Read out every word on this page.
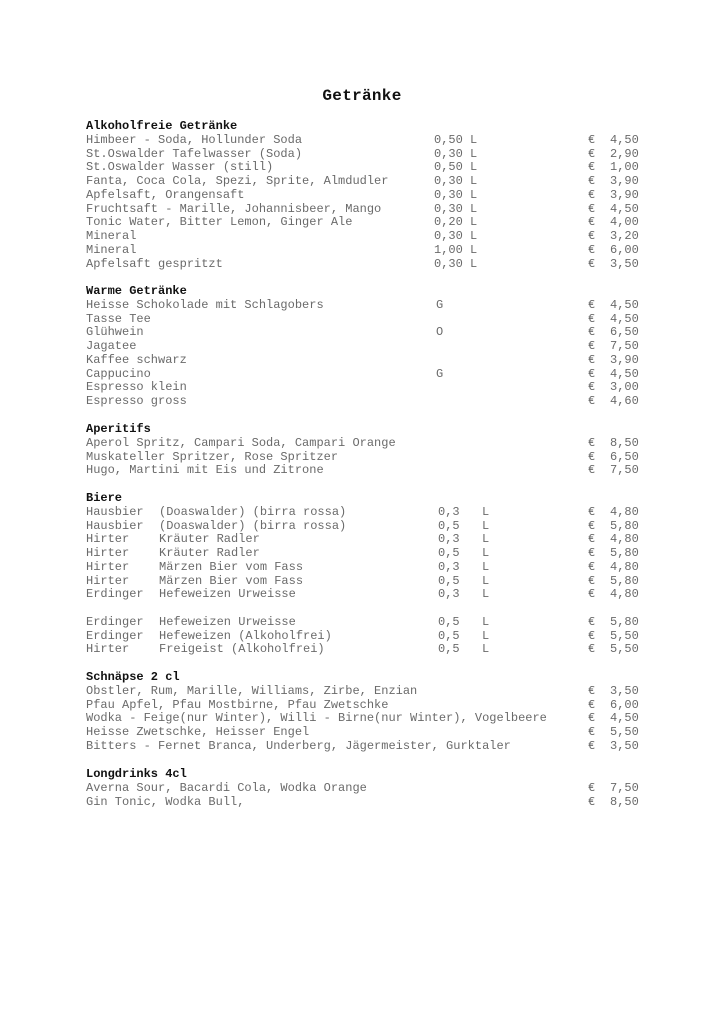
Getränke
Alkoholfreie Getränke
Himbeer - Soda, Hollunder Soda	0,50 L	€ 4,50
St.Oswalder Tafelwasser (Soda)	0,30 L	€ 2,90
St.Oswalder Wasser (still)	0,50 L	€ 1,00
Fanta, Coca Cola, Spezi, Sprite, Almdudler	0,30 L	€ 3,90
Apfelsaft, Orangensaft	0,30 L	€ 3,90
Fruchtsaft - Marille, Johannisbeer, Mango	0,30 L	€ 4,50
Tonic Water, Bitter Lemon, Ginger Ale	0,20 L	€ 4,00
Mineral	0,30 L	€ 3,20
Mineral	1,00 L	€ 6,00
Apfelsaft gespritzt	0,30 L	€ 3,50
Warme Getränke
Heisse Schokolade mit Schlagobers	G	€ 4,50
Tasse Tee	€ 4,50
Glühwein	O	€ 6,50
Jagatee	€ 7,50
Kaffee schwarz	€ 3,90
Cappucino	G	€ 4,50
Espresso klein	€ 3,00
Espresso gross	€ 4,60
Aperitifs
Aperol Spritz, Campari Soda, Campari Orange	€ 8,50
Muskateller Spritzer, Rose Spritzer	€ 6,50
Hugo, Martini mit Eis und Zitrone	€ 7,50
Biere
Hausbier (Doaswalder) (birra rossa)	0,3 L	€ 4,80
Hausbier (Doaswalder) (birra rossa)	0,5 L	€ 5,80
Hirter Kräuter Radler	0,3 L	€ 4,80
Hirter Kräuter Radler	0,5 L	€ 5,80
Hirter Märzen Bier vom Fass	0,3 L	€ 4,80
Hirter Märzen Bier vom Fass	0,5 L	€ 5,80
Erdinger Hefeweizen Urweisse	0,3 L	€ 4,80
Erdinger Hefeweizen Urweisse	0,5 L	€ 5,80
Erdinger Hefeweizen (Alkoholfrei)	0,5 L	€ 5,50
Hirter Freigeist (Alkoholfrei)	0,5 L	€ 5,50
Schnäpse 2 cl
Obstler, Rum, Marille, Williams, Zirbe, Enzian	€ 3,50
Pfau Apfel, Pfau Mostbirne, Pfau Zwetschke	€ 6,00
Wodka - Feige(nur Winter), Willi - Birne(nur Winter), Vogelbeere	€ 4,50
Heisse Zwetschke, Heisser Engel	€ 5,50
Bitters - Fernet Branca, Underberg, Jägermeister, Gurktaler	€ 3,50
Longdrinks 4cl
Averna Sour, Bacardi Cola, Wodka Orange	€ 7,50
Gin Tonic, Wodka Bull,	€ 8,50
